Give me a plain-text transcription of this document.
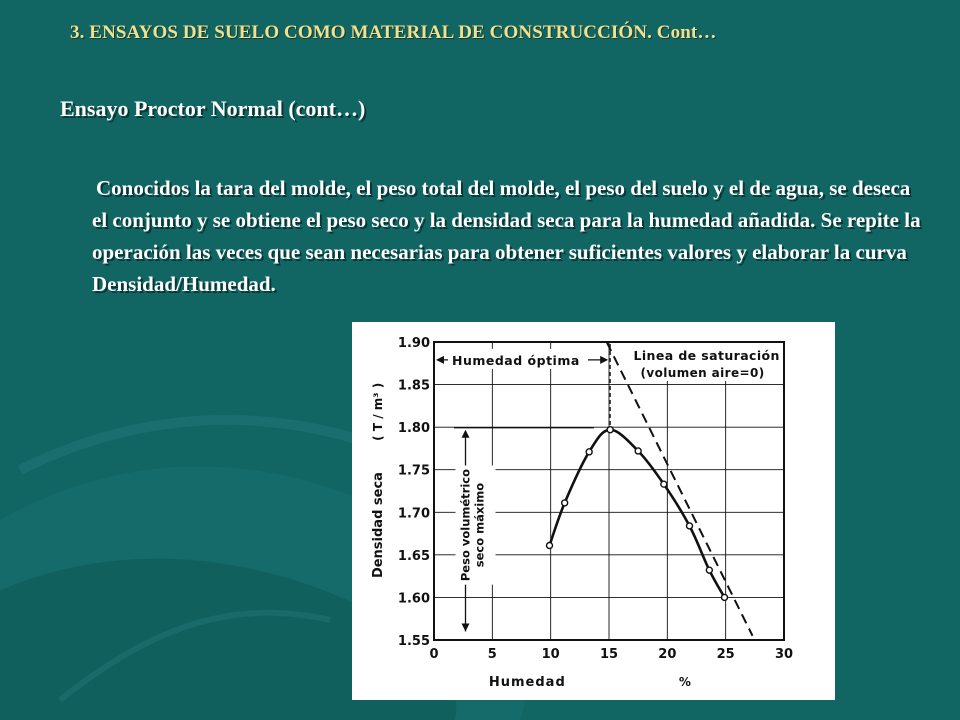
3. ENSAYOS DE SUELO COMO MATERIAL DE CONSTRUCCIÓN. Cont…
Ensayo Proctor Normal (cont…)
Conocidos la tara del molde, el peso total del molde, el peso del suelo y el de agua, se deseca el conjunto y se obtiene el peso seco y la densidad seca para la humedad añadida. Se repite la operación las veces que sean necesarias para obtener suficientes valores y elaborar la curva Densidad/Humedad.
0	5	10	15	20	25	30
1.55
1.60
1.65
1.70
1.75
1.80
1.85
1.90
Humedad	%
Densidad seca
( T / m³ )
Humedad óptima	Linea de saturación
(volumen aire=0)
Peso volumétrico seco máximo
